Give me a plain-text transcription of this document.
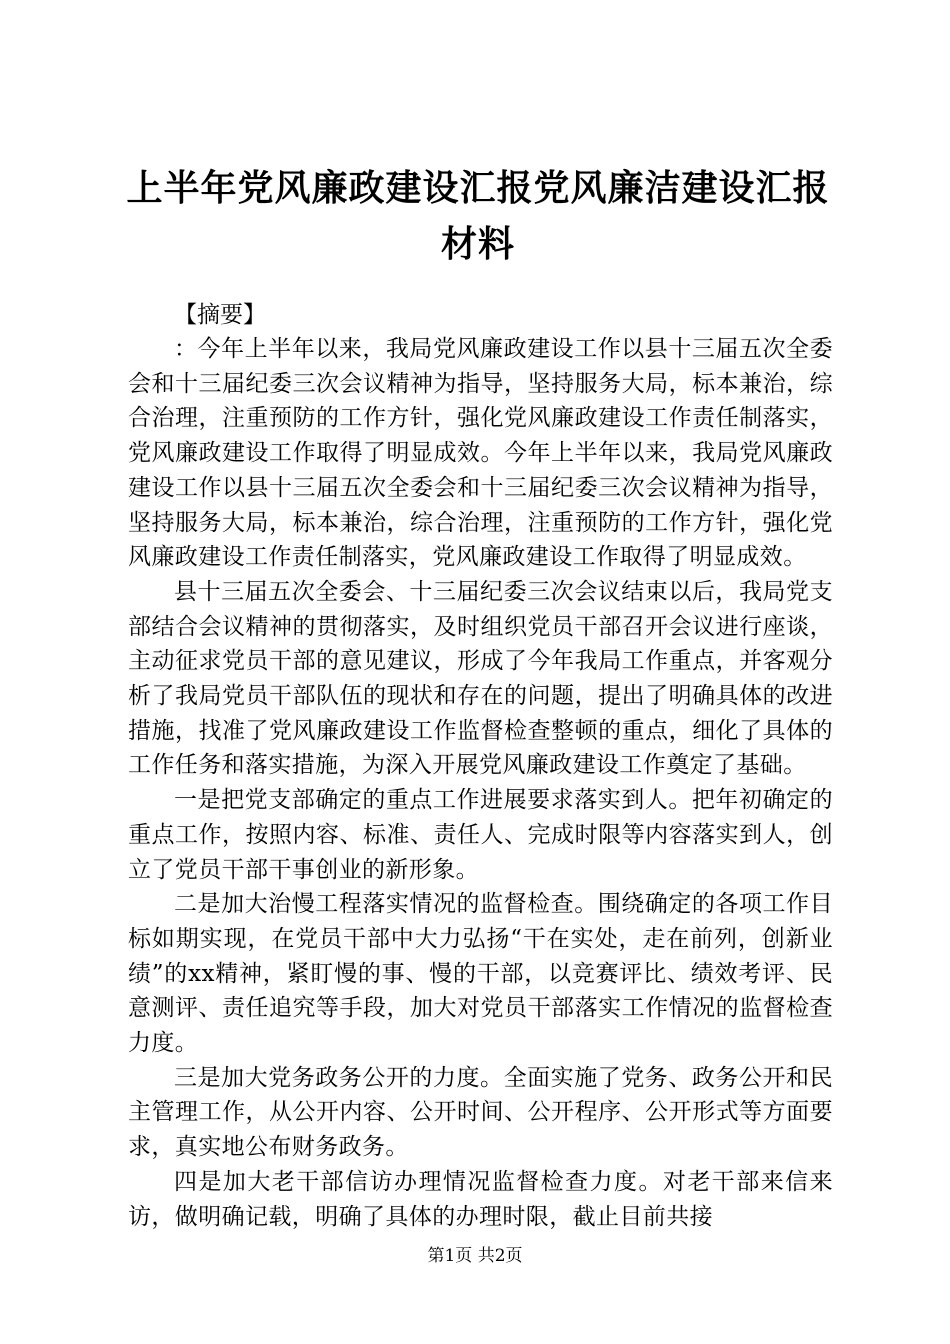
上半年党风廉政建设汇报党风廉洁建设汇报材料

【摘要】

：今年上半年以来，我局党风廉政建设工作以县十三届五次全委会和十三届纪委三次会议精神为指导，坚持服务大局，标本兼治，综合治理，注重预防的工作方针，强化党风廉政建设工作责任制落实，党风廉政建设工作取得了明显成效。今年上半年以来，我局党风廉政建设工作以县十三届五次全委会和十三届纪委三次会议精神为指导，坚持服务大局，标本兼治，综合治理，注重预防的工作方针，强化党风廉政建设工作责任制落实，党风廉政建设工作取得了明显成效。

县十三届五次全委会、十三届纪委三次会议结束以后，我局党支部结合会议精神的贯彻落实，及时组织党员干部召开会议进行座谈，主动征求党员干部的意见建议，形成了今年我局工作重点，并客观分析了我局党员干部队伍的现状和存在的问题，提出了明确具体的改进措施，找准了党风廉政建设工作监督检查整顿的重点，细化了具体的工作任务和落实措施，为深入开展党风廉政建设工作奠定了基础。

一是把党支部确定的重点工作进展要求落实到人。把年初确定的重点工作，按照内容、标准、责任人、完成时限等内容落实到人，创立了党员干部干事创业的新形象。

二是加大治慢工程落实情况的监督检查。围绕确定的各项工作目标如期实现，在党员干部中大力弘扬“干在实处，走在前列，创新业绩”的xx精神，紧盯慢的事、慢的干部，以竞赛评比、绩效考评、民意测评、责任追究等手段，加大对党员干部落实工作情况的监督检查力度。

三是加大党务政务公开的力度。全面实施了党务、政务公开和民主管理工作，从公开内容、公开时间、公开程序、公开形式等方面要求，真实地公布财务政务。

四是加大老干部信访办理情况监督检查力度。对老干部来信来访，做明确记载，明确了具体的办理时限，截止目前共接

第1页 共2页
